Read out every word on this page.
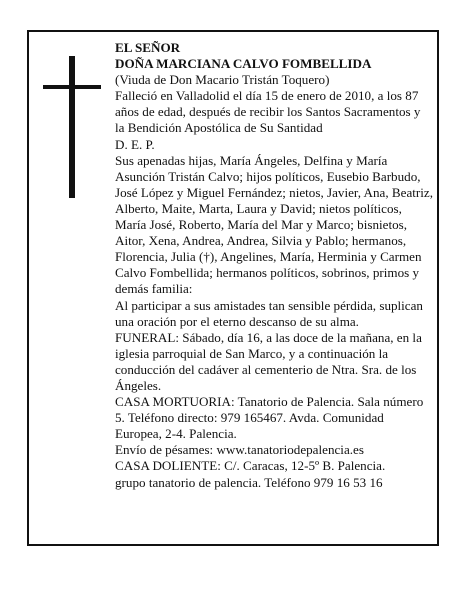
EL SEÑOR

DOÑA MARCIANA CALVO FOMBELLIDA

(Viuda de Don Macario Tristán Toquero)

Falleció en Valladolid el día 15 de enero de 2010, a los 87 años de edad, después de recibir los Santos Sacramentos y la Bendición Apostólica de Su Santidad

D. E. P.

Sus apenadas hijas, María Ángeles, Delfina y María Asunción Tristán Calvo; hijos políticos, Eusebio Barbudo, José López y Miguel Fernández; nietos, Javier, Ana, Beatriz, Alberto, Maite, Marta, Laura y David; nietos políticos, María José, Roberto, María del Mar y Marco; bisnietos, Aitor, Xena, Andrea, Andrea, Silvia y Pablo; hermanos, Florencia, Julia (†), Angelines, María, Herminia y Carmen Calvo Fombellida; hermanos políticos, sobrinos, primos y demás familia:

Al participar a sus amistades tan sensible pérdida, suplican una oración por el eterno descanso de su alma.

FUNERAL: Sábado, día 16, a las doce de la mañana, en la iglesia parroquial de San Marco, y a continuación la conducción del cadáver al cementerio de Ntra. Sra. de los Ángeles.

CASA MORTUORIA: Tanatorio de Palencia. Sala número 5. Teléfono directo: 979 165467. Avda. Comunidad Europea, 2-4. Palencia.

Envío de pésames: www.tanatoriodepalencia.es

CASA DOLIENTE: C/. Caracas, 12-5º B. Palencia.

grupo tanatorio de palencia. Teléfono 979 16 53 16
